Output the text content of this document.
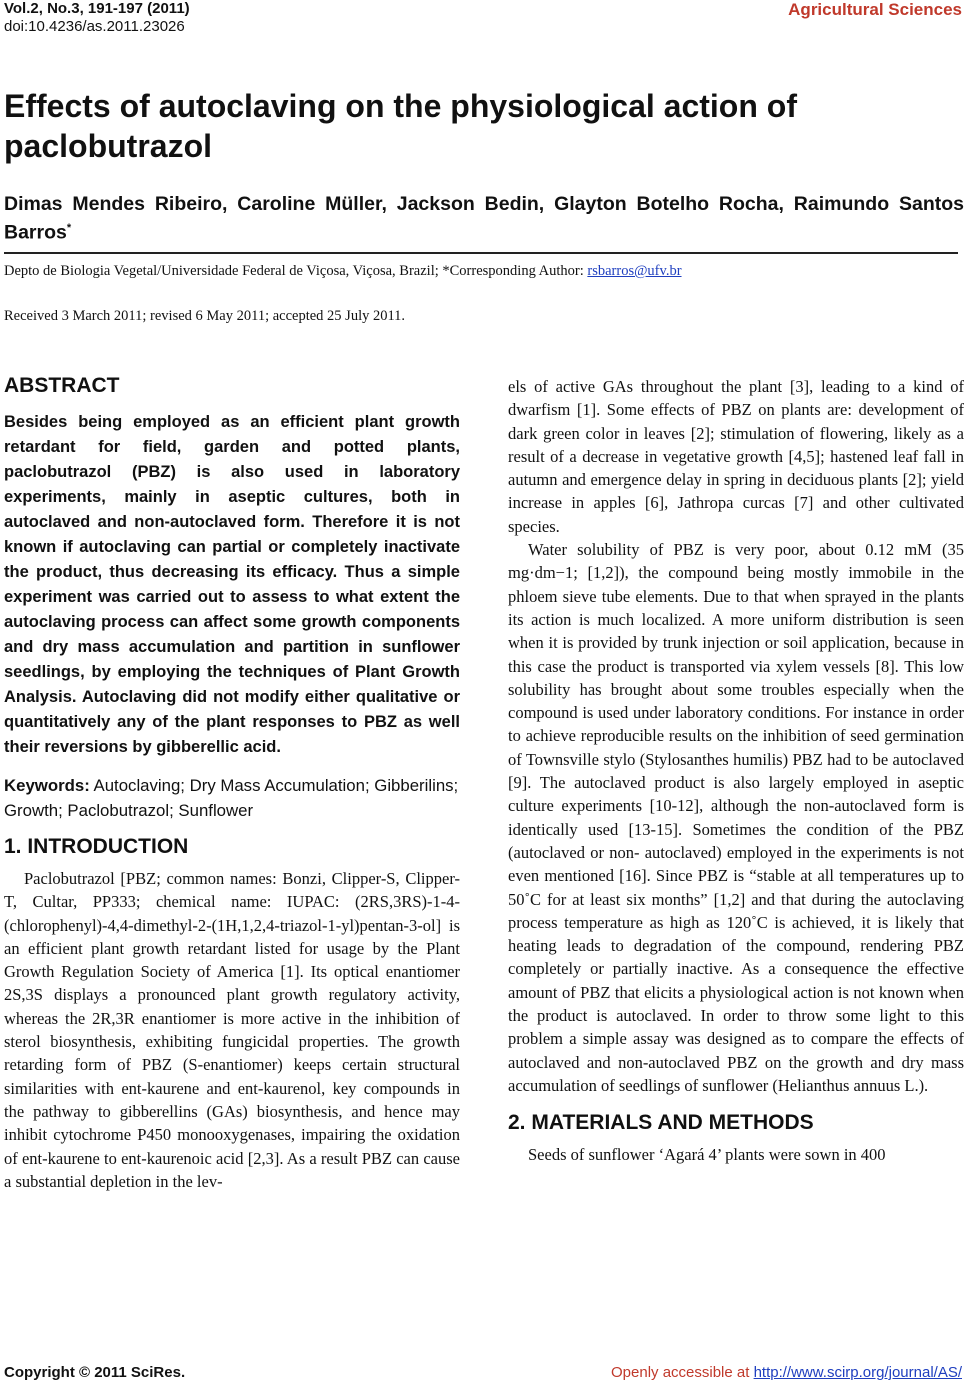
Vol.2, No.3, 191-197 (2011)
doi:10.4236/as.2011.23026
Agricultural Sciences
Effects of autoclaving on the physiological action of paclobutrazol
Dimas Mendes Ribeiro, Caroline Müller, Jackson Bedin, Glayton Botelho Rocha, Raimundo Santos Barros*
Depto de Biologia Vegetal/Universidade Federal de Viçosa, Viçosa, Brazil; *Corresponding Author: rsbarros@ufv.br
Received 3 March 2011; revised 6 May 2011; accepted 25 July 2011.
ABSTRACT

Besides being employed as an efficient plant growth retardant for field, garden and potted plants, paclobutrazol (PBZ) is also used in laboratory experiments, mainly in aseptic cultures, both in autoclaved and non-autoclaved form. Therefore it is not known if autoclaving can partial or completely inactivate the product, thus decreasing its efficacy. Thus a simple experiment was carried out to assess to what extent the autoclaving process can affect some growth components and dry mass accumulation and partition in sunflower seedlings, by employing the techniques of Plant Growth Analysis. Autoclaving did not modify either qualitative or quantitatively any of the plant responses to PBZ as well their reversions by gibberellic acid.

Keywords: Autoclaving; Dry Mass Accumulation; Gibberilins; Growth; Paclobutrazol; Sunflower

1. INTRODUCTION

Paclobutrazol [PBZ; common names: Bonzi, Clipper-S, Clipper-T, Cultar, PP333; chemical name: IUPAC: (2RS,3RS)-1-4-(chlorophenyl)-4,4-dimethyl-2-(1H,1,2,4-triazol-1-yl)pentan-3-ol] is an efficient plant growth retardant listed for usage by the Plant Growth Regulation Society of America [1]. Its optical enantiomer 2S,3S displays a pronounced plant growth regulatory activity, whereas the 2R,3R enantiomer is more active in the inhibition of sterol biosynthesis, exhibiting fungicidal properties. The growth retarding form of PBZ (S-enantiomer) keeps certain structural similarities with ent-kaurene and ent-kaurenol, key compounds in the pathway to gibberellins (GAs) biosynthesis, and hence may inhibit cytochrome P450 monooxygenases, impairing the oxidation of ent-kaurene to ent-kaurenoic acid [2,3]. As a result PBZ can cause a substantial depletion in the lev-

els of active GAs throughout the plant [3], leading to a kind of dwarfism [1]. Some effects of PBZ on plants are: development of dark green color in leaves [2]; stimulation of flowering, likely as a result of a decrease in vegetative growth [4,5]; hastened leaf fall in autumn and emergence delay in spring in deciduous plants [2]; yield increase in apples [6], Jathropa curcas [7] and other cultivated species.

Water solubility of PBZ is very poor, about 0.12 mM (35 mg·dm−1; [1,2]), the compound being mostly immobile in the phloem sieve tube elements. Due to that when sprayed in the plants its action is much localized. A more uniform distribution is seen when it is provided by trunk injection or soil application, because in this case the product is transported via xylem vessels [8]. This low solubility has brought about some troubles especially when the compound is used under laboratory conditions. For instance in order to achieve reproducible results on the inhibition of seed germination of Townsville stylo (Stylosanthes humilis) PBZ had to be autoclaved [9]. The autoclaved product is also largely employed in aseptic culture experiments [10-12], although the non-autoclaved form is identically used [13-15]. Sometimes the condition of the PBZ (autoclaved or non- autoclaved) employed in the experiments is not even mentioned [16]. Since PBZ is “stable at all temperatures up to 50˚C for at least six months” [1,2] and that during the autoclaving process temperature as high as 120˚C is achieved, it is likely that heating leads to degradation of the compound, rendering PBZ completely or partially inactive. As a consequence the effective amount of PBZ that elicits a physiological action is not known when the product is autoclaved. In order to throw some light to this problem a simple assay was designed as to compare the effects of autoclaved and non-autoclaved PBZ on the growth and dry mass accumulation of seedlings of sunflower (Helianthus annuus L.).

2. MATERIALS AND METHODS

Seeds of sunflower ‘Agará 4’ plants were sown in 400

Copyright © 2011 SciRes.	Openly accessible at http://www.scirp.org/journal/AS/
